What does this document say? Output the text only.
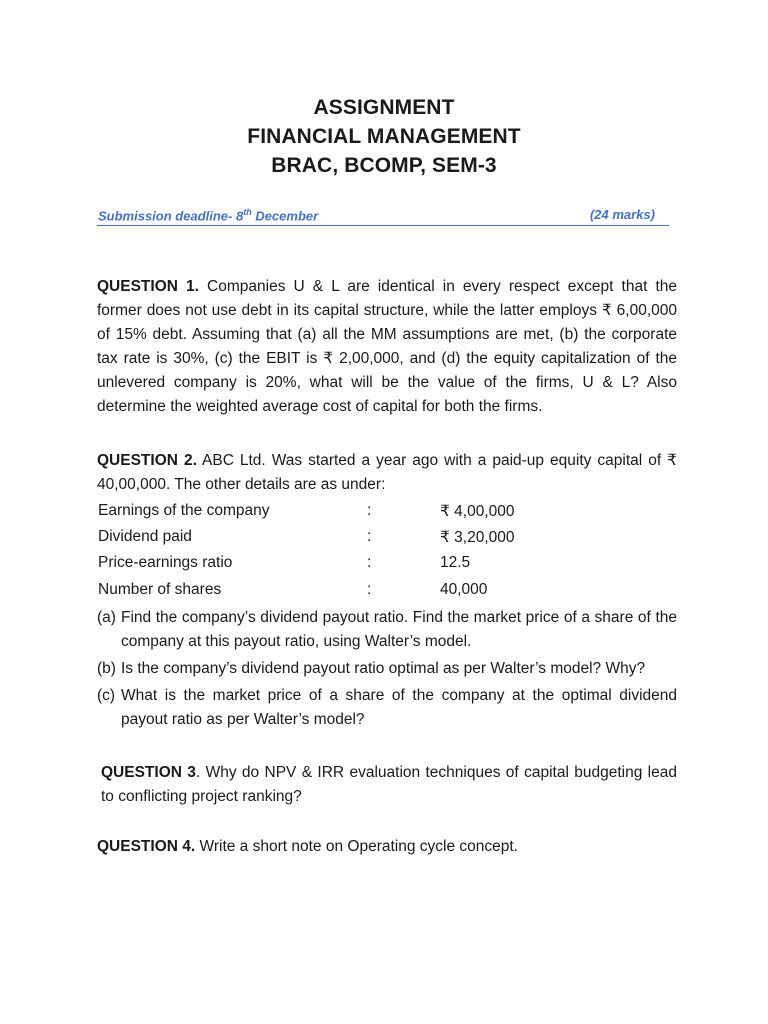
ASSIGNMENT
FINANCIAL MANAGEMENT
BRAC, BCOMP, SEM-3
Submission deadline- 8th December	(24 marks)
QUESTION 1. Companies U & L are identical in every respect except that the former does not use debt in its capital structure, while the latter employs ₹ 6,00,000 of 15% debt. Assuming that (a) all the MM assumptions are met, (b) the corporate tax rate is 30%, (c) the EBIT is ₹ 2,00,000, and (d) the equity capitalization of the unlevered company is 20%, what will be the value of the firms, U & L? Also determine the weighted average cost of capital for both the firms.
QUESTION 2. ABC Ltd. Was started a year ago with a paid-up equity capital of ₹ 40,00,000. The other details are as under:
Earnings of the company	:	₹ 4,00,000
Dividend paid	:	₹ 3,20,000
Price-earnings ratio	:	12.5
Number of shares	:	40,000
(a) Find the company’s dividend payout ratio. Find the market price of a share of the company at this payout ratio, using Walter’s model.
(b) Is the company’s dividend payout ratio optimal as per Walter’s model? Why?
(c) What is the market price of a share of the company at the optimal dividend payout ratio as per Walter’s model?
QUESTION 3. Why do NPV & IRR evaluation techniques of capital budgeting lead to conflicting project ranking?
QUESTION 4. Write a short note on Operating cycle concept.
